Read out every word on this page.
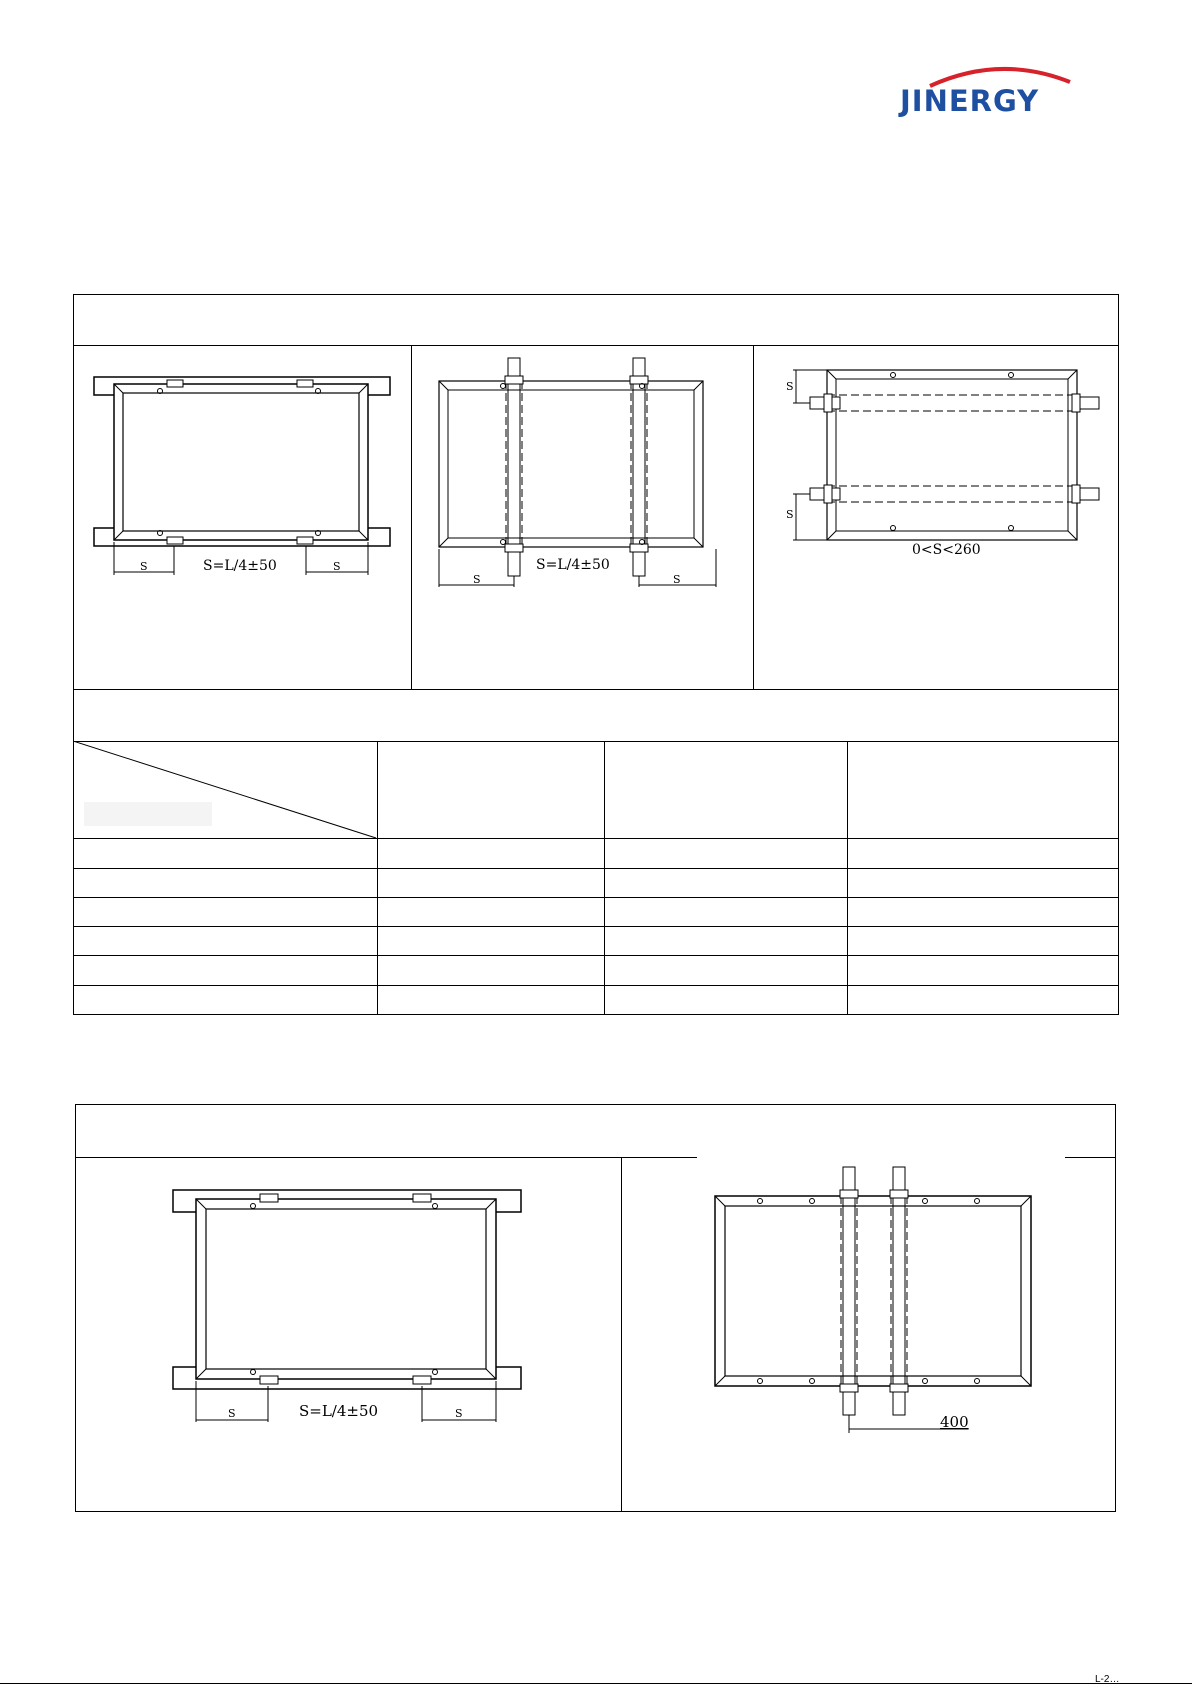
JINERGY
S	S
S=L/4±50
S	S
S=L/4±50
S
S
0<S<260
S	S
S=L/4±50
400
L-2…
